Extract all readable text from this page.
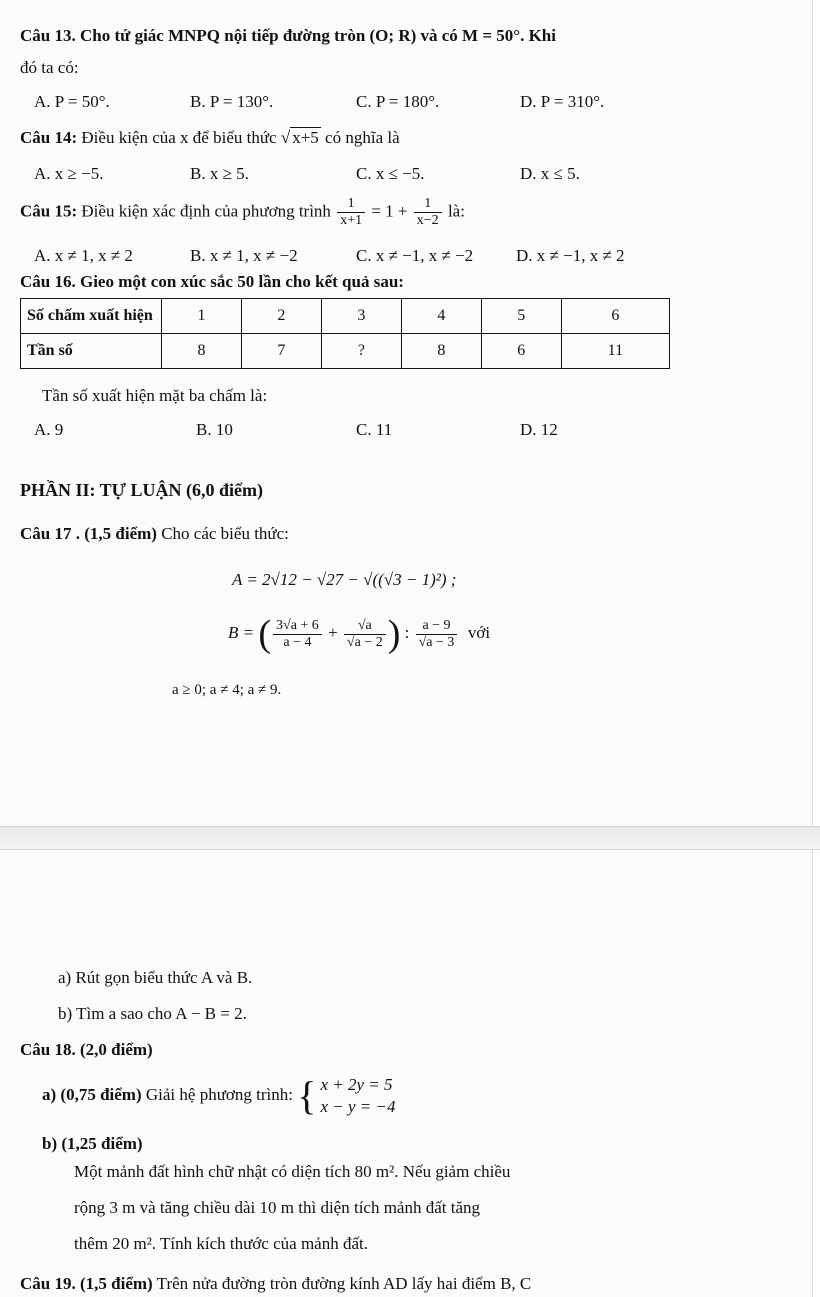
Câu 13. Cho tứ giác MNPQ nội tiếp đường tròn (O; R) và có M = 50°. Khi
đó ta có:
A. P = 50°.	B. P = 130°.	C. P = 180°.	D. P = 310°.
Câu 14: Điều kiện của x để biểu thức √ x+5 có nghĩa là
A. x ≥ −5.	B. x ≥ 5.	C. x ≤ −5.	D. x ≤ 5.
Câu 15: Điều kiện xác định của phương trình $\frac{1}{x+1} = 1 + \frac{1}{x-2}$ là:
A. x ≠ 1, x ≠ 2	B. x ≠ 1, x ≠ −2	C. x ≠ −1, x ≠ −2	D. x ≠ −1, x ≠ 2
Câu 16. Gieo một con xúc sắc 50 lần cho kết quả sau:
Số chấm xuất hiện	1	2	3	4	5	6
Tần số	8	7	?	8	6	11
Tần số xuất hiện mặt ba chấm là:
A. 9	B. 10	C. 11	D. 12
PHẦN II: TỰ LUẬN (6,0 điểm)
Câu 17 . (1,5 điểm) Cho các biểu thức:
A = 2√12 − √27 − √((√3 − 1)²) ;
B = ( $\frac{3√a + 6}{a - 4} + \frac{√a}{√a - 2}$ ) : $\frac{a - 9}{√a - 3}$ với
a ≥ 0; a ≠ 4; a ≠ 9.
a) Rút gọn biểu thức A và B.
b) Tìm a sao cho A − B = 2.
Câu 18. (2,0 điểm)
a) (0,75 điểm) Giải hệ phương trình: { x + 2y = 5
x − y = −4
b) (1,25 điểm)
Một mảnh đất hình chữ nhật có diện tích 80 m². Nếu giảm chiều
rộng 3 m và tăng chiều dài 10 m thì diện tích mảnh đất tăng
thêm 20 m². Tính kích thước của mảnh đất.
Câu 19. (1,5 điểm) Trên nửa đường tròn đường kính AD lấy hai điểm B, C
